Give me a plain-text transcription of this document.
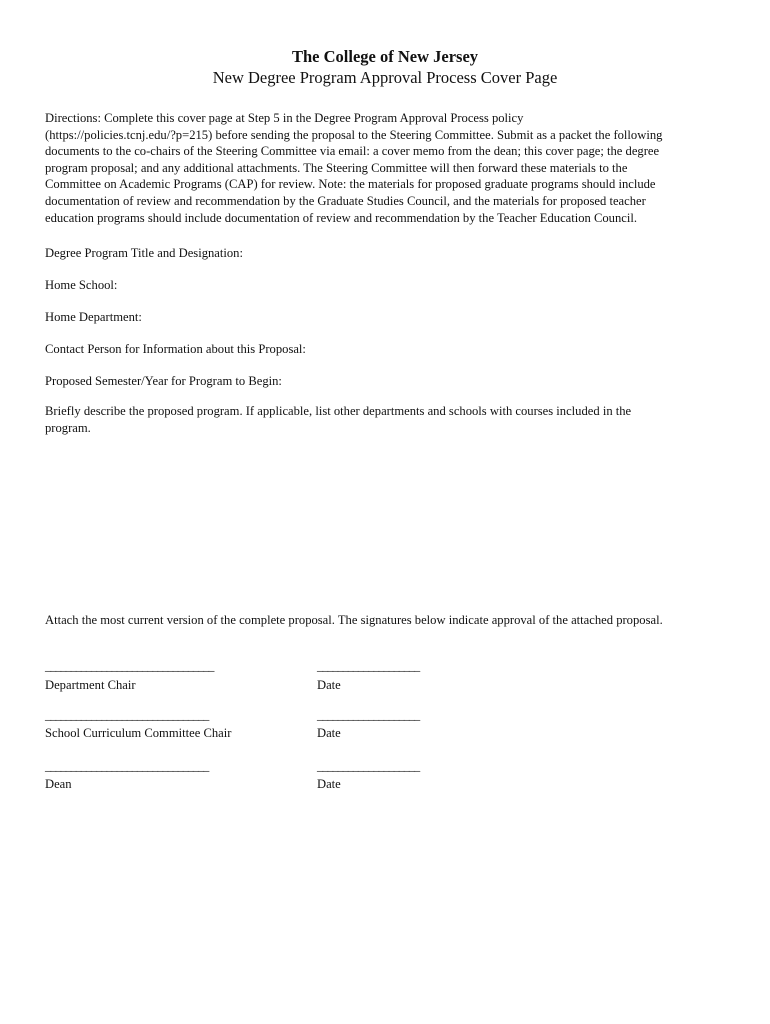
The College of New Jersey
New Degree Program Approval Process Cover Page
Directions: Complete this cover page at Step 5 in the Degree Program Approval Process policy
(https://policies.tcnj.edu/?p=215) before sending the proposal to the Steering Committee. Submit as a packet the following
documents to the co-chairs of the Steering Committee via email: a cover memo from the dean; this cover page; the degree
program proposal; and any additional attachments. The Steering Committee will then forward these materials to the
Committee on Academic Programs (CAP) for review. Note: the materials for proposed graduate programs should include
documentation of review and recommendation by the Graduate Studies Council, and the materials for proposed teacher
education programs should include documentation of review and recommendation by the Teacher Education Council.
Degree Program Title and Designation:
Home School:
Home Department:
Contact Person for Information about this Proposal:
Proposed Semester/Year for Program to Begin:
Briefly describe the proposed program. If applicable, list other departments and schools with courses included in the
program.
Attach the most current version of the complete proposal. The signatures below indicate approval of the attached proposal.
_________________________________	____________________
Department Chair	Date
________________________________	____________________
School Curriculum Committee Chair	Date
________________________________	____________________
Dean	Date
